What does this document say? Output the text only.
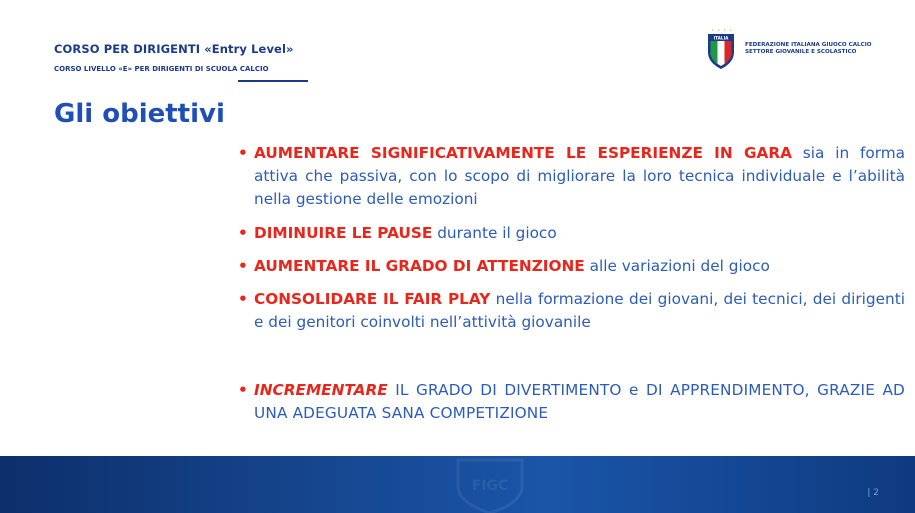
CORSO PER DIRIGENTI «Entry Level»
CORSO LIVELLO «E» PER DIRIGENTI DI SCUOLA CALCIO
ITALIA
FEDERAZIONE ITALIANA GIUOCO CALCIO
SETTORE GIOVANILE E SCOLASTICO
Gli obiettivi
• AUMENTARE SIGNIFICATIVAMENTE LE ESPERIENZE IN GARA sia in forma attiva che passiva, con lo scopo di migliorare la loro tecnica individuale e l’abilità nella gestione delle emozioni
• DIMINUIRE LE PAUSE durante il gioco
• AUMENTARE IL GRADO DI ATTENZIONE alle variazioni del gioco
• CONSOLIDARE IL FAIR PLAY nella formazione dei giovani, dei tecnici, dei dirigenti e dei genitori coinvolti nell’attività giovanile
• INCREMENTARE IL GRADO DI DIVERTIMENTO e DI APPRENDIMENTO, GRAZIE AD UNA ADEGUATA SANA COMPETIZIONE
FIGC	| 2
